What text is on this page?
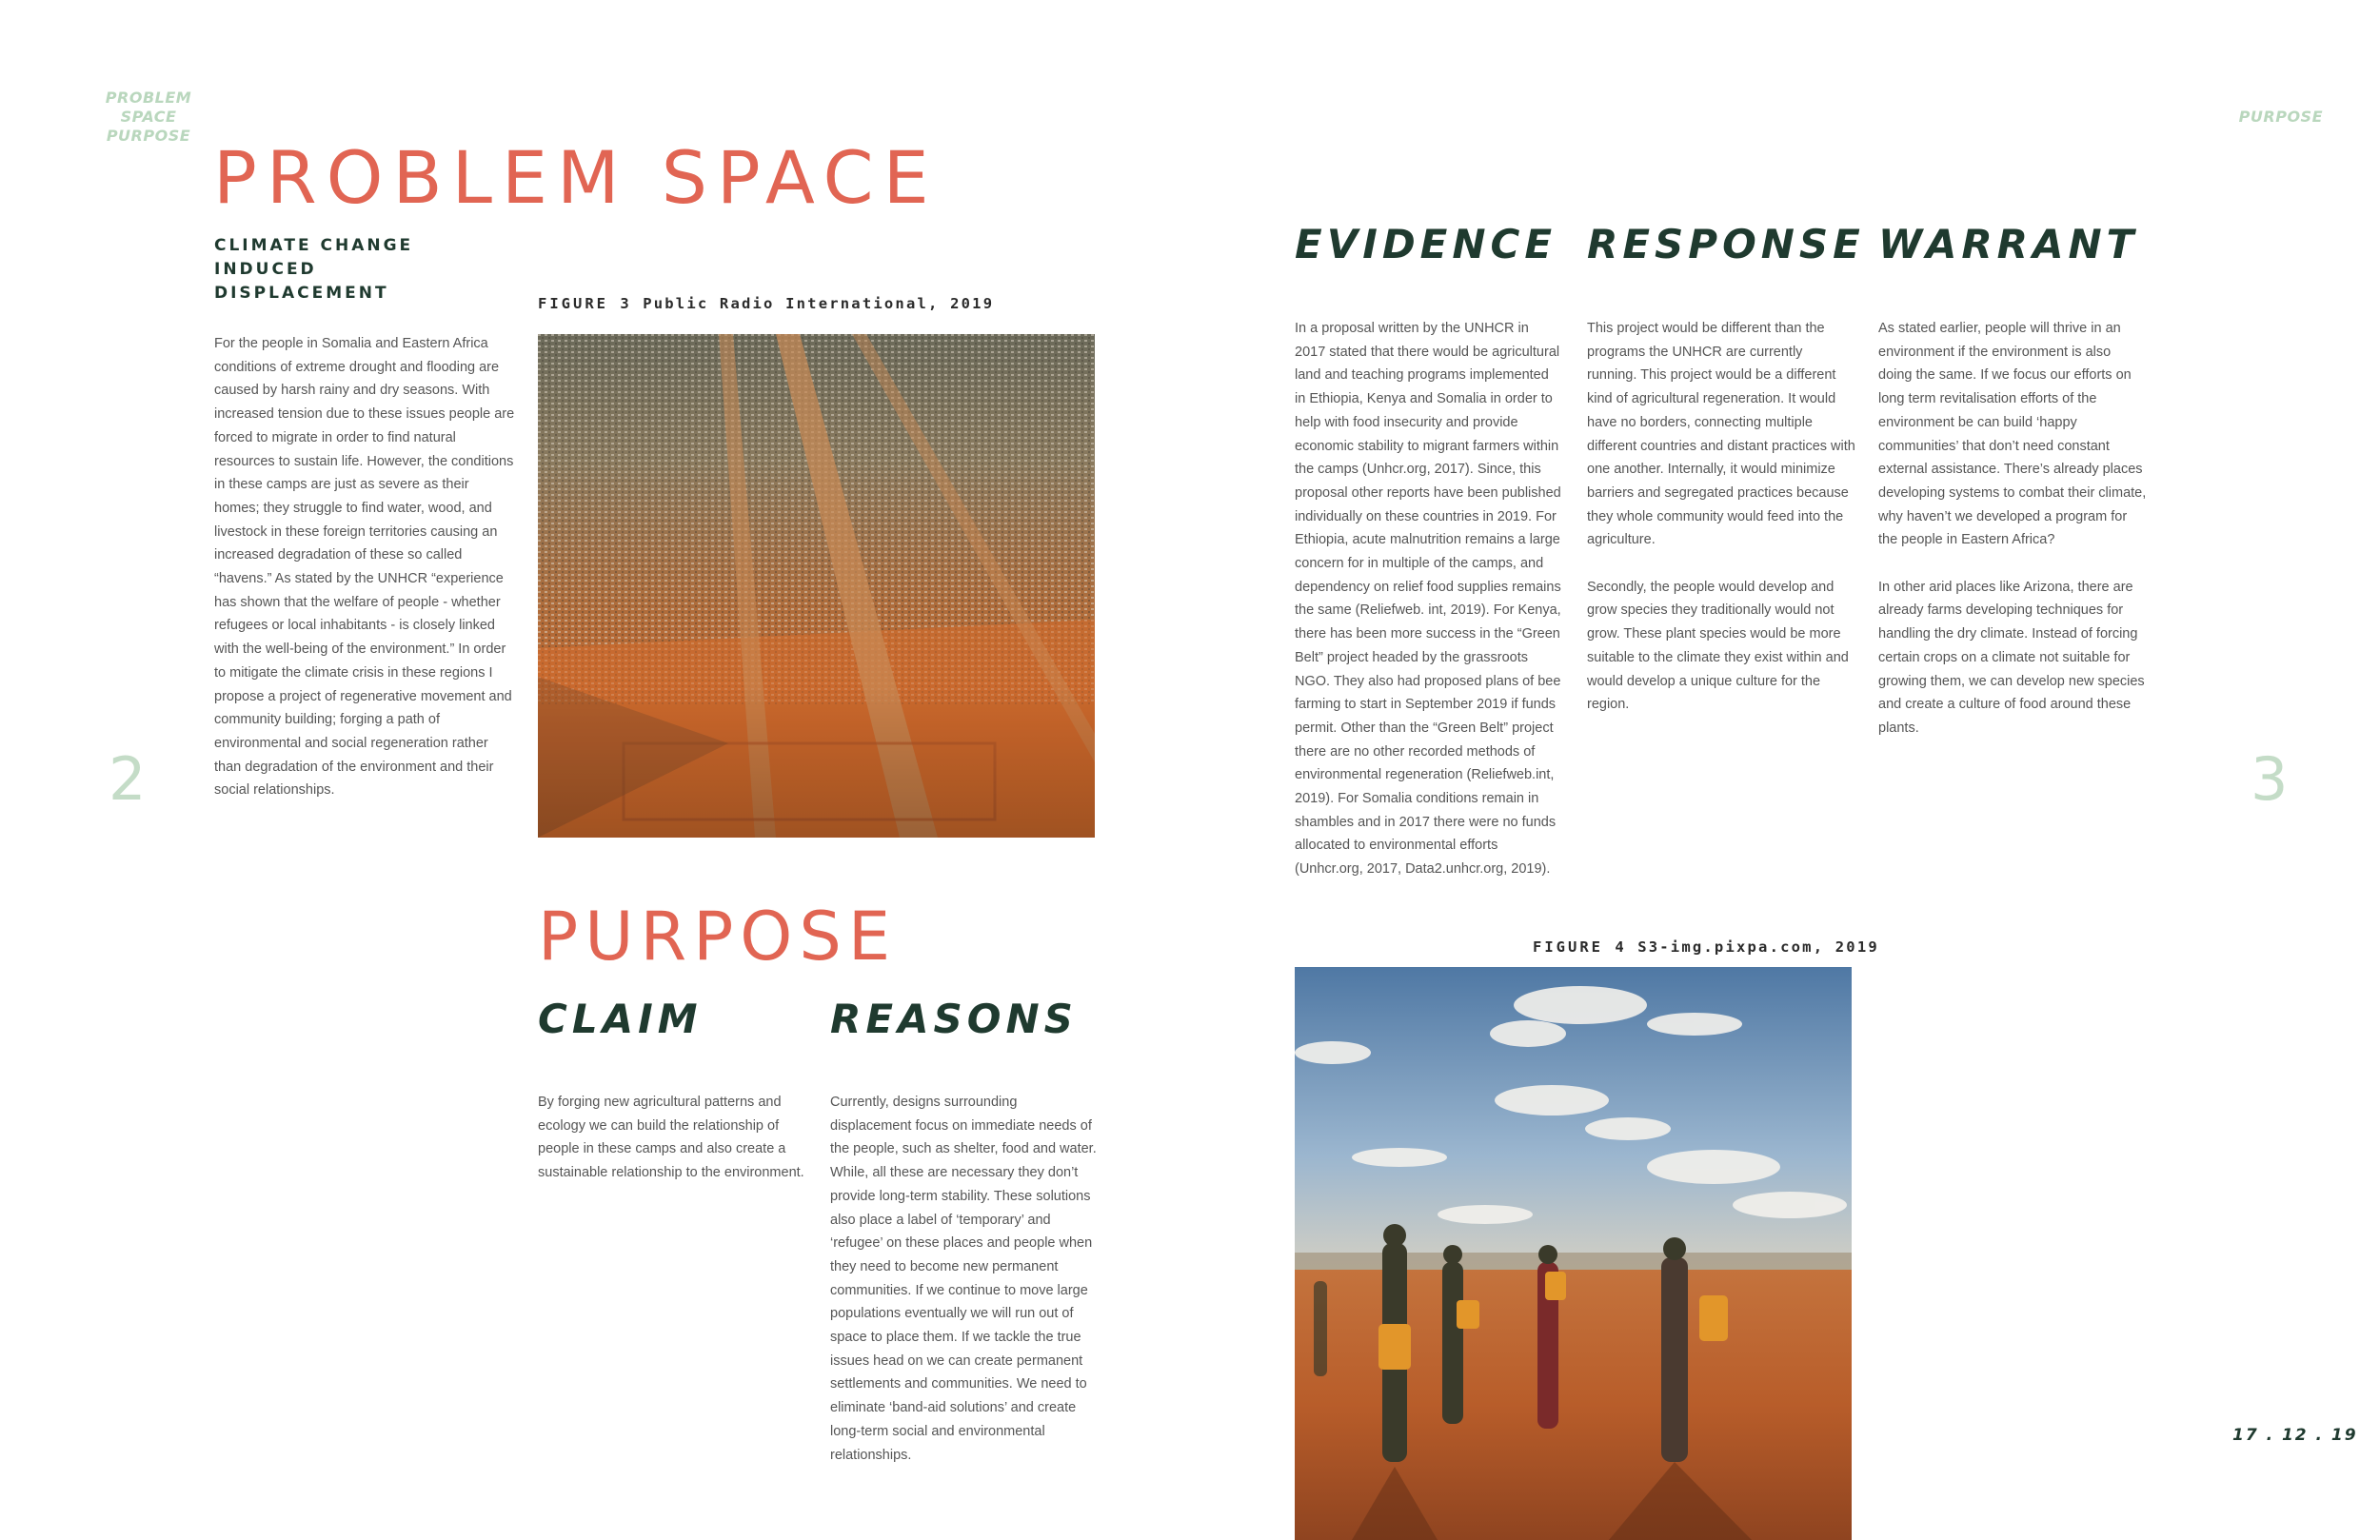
PROBLEM SPACE
PURPOSE
2
PROBLEM SPACE
CLIMATE CHANGE INDUCED
DISPLACEMENT

For the people in Somalia and Eastern Africa conditions of extreme drought and flooding are caused by harsh rainy and dry seasons. With increased tension due to these issues people are forced to migrate in order to find natural resources to sustain life. However, the conditions in these camps are just as severe as their homes; they struggle to find water, wood, and livestock in these foreign territories causing an increased degradation of these so called “havens.” As stated by the UNHCR “experience has shown that the welfare of people - whether refugees or local inhabitants - is closely linked with the well-being of the environment.” In order to mitigate the climate crisis in these regions I propose a project of regenerative movement and community building; forging a path of environmental and social regeneration rather than degradation of the environment and their social relationships.

FIGURE 3 Public Radio International, 2019
PURPOSE
CLAIM	REASONS

By forging new agricultural patterns and ecology we can build the relationship of people in these camps and also create a sustainable relationship to the environment.

Currently, designs surrounding displacement focus on immediate needs of the people, such as shelter, food and water. While, all these are necessary they don’t provide long-term stability. These solutions also place a label of ‘temporary’ and ‘refugee’ on these places and people when they need to become new permanent communities. If we continue to move large populations eventually we will run out of space to place them. If we tackle the true issues head on we can create permanent settlements and communities. We need to eliminate ‘band-aid solutions’ and create long-term social and environmental relationships.

PURPOSE
3
17 . 12 . 19
EVIDENCE RESPONSE WARRANT

In a proposal written by the UNHCR in 2017 stated that there would be agricultural land and teaching programs implemented in Ethiopia, Kenya and Somalia in order to help with food insecurity and provide economic stability to migrant farmers within the camps (Unhcr.org, 2017). Since, this proposal other reports have been published individually on these countries in 2019. For Ethiopia, acute malnutrition remains a large concern for in multiple of the camps, and dependency on relief food supplies remains the same (Reliefweb. int, 2019). For Kenya, there has been more success in the “Green Belt” project headed by the grassroots NGO. They also had proposed plans of bee farming to start in September 2019 if funds permit. Other than the “Green Belt” project there are no other recorded methods of environmental regeneration (Reliefweb.int, 2019). For Somalia conditions remain in shambles and in 2017 there were no funds allocated to environmental efforts (Unhcr.org, 2017, Data2.unhcr.org, 2019).

This project would be different than the programs the UNHCR are currently running. This project would be a different kind of agricultural regeneration. It would have no borders, connecting multiple different countries and distant practices with one another. Internally, it would minimize barriers and segregated practices because they whole community would feed into the agriculture.

Secondly, the people would develop and grow species they traditionally would not grow. These plant species would be more suitable to the climate they exist within and would develop a unique culture for the region.

As stated earlier, people will thrive in an environment if the environment is also doing the same. If we focus our efforts on long term revitalisation efforts of the environment be can build ‘happy communities’ that don’t need constant external assistance. There’s already places developing systems to combat their climate, why haven’t we developed a program for the people in Eastern Africa?

In other arid places like Arizona, there are already farms developing techniques for handling the dry climate. Instead of forcing certain crops on a climate not suitable for growing them, we can develop new species and create a culture of food around these plants.

FIGURE 4 S3-img.pixpa.com, 2019
